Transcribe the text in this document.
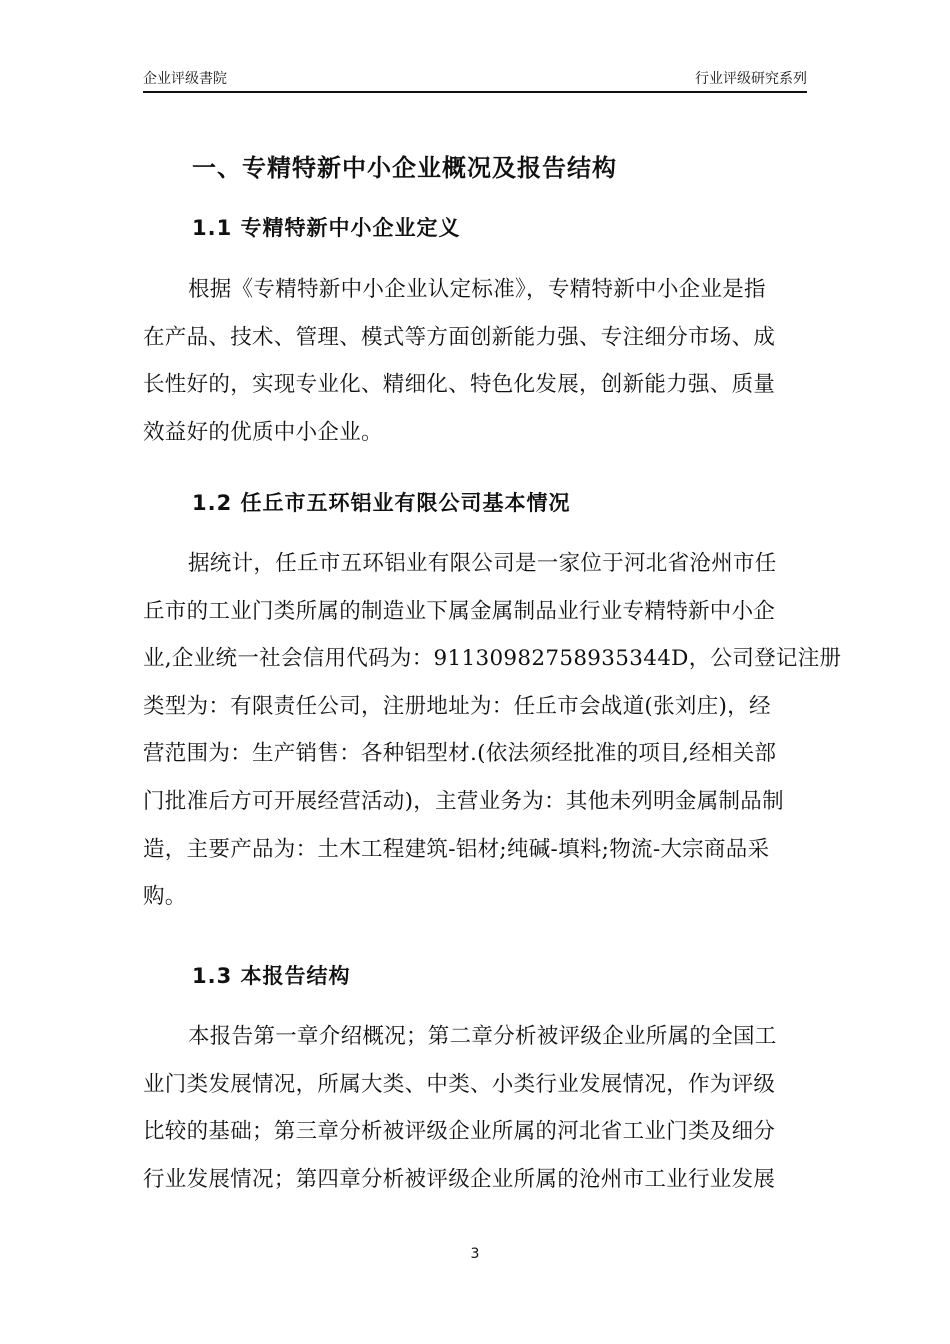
企业评级書院	行业评级研究系列
一、专精特新中小企业概况及报告结构
1.1 专精特新中小企业定义
根据《专精特新中小企业认定标准》，专精特新中小企业是指
在产品、技术、管理、模式等方面创新能力强、专注细分市场、成
长性好的，实现专业化、精细化、特色化发展，创新能力强、质量
效益好的优质中小企业。
1.2 任丘市五环铝业有限公司基本情况
据统计，任丘市五环铝业有限公司是一家位于河北省沧州市任
丘市的工业门类所属的制造业下属金属制品业行业专精特新中小企
业,企业统一社会信用代码为：91130982758935344D，公司登记注册
类型为：有限责任公司，注册地址为：任丘市会战道(张刘庄)，经
营范围为：生产销售：各种铝型材.(依法须经批准的项目,经相关部
门批准后方可开展经营活动)，主营业务为：其他未列明金属制品制
造，主要产品为：土木工程建筑-铝材;纯碱-填料;物流-大宗商品采
购。
1.3 本报告结构
本报告第一章介绍概况；第二章分析被评级企业所属的全国工
业门类发展情况，所属大类、中类、小类行业发展情况，作为评级
比较的基础；第三章分析被评级企业所属的河北省工业门类及细分
行业发展情况；第四章分析被评级企业所属的沧州市工业行业发展
3
